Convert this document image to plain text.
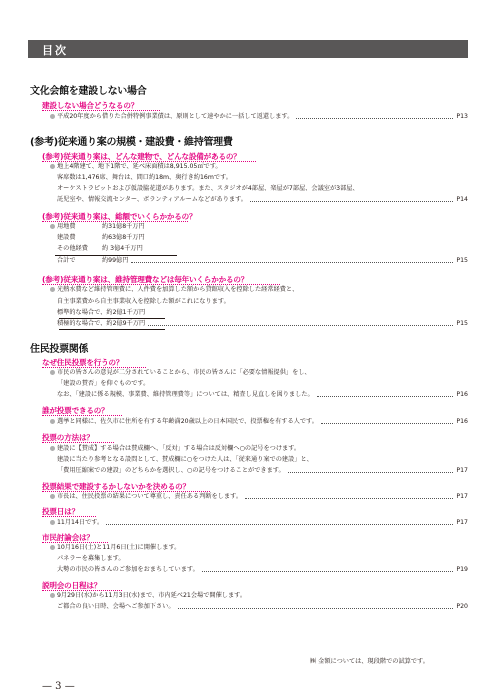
目次
文化会館を建設しない場合
建設しない場合どうなるの？
平成20年度から借りた合併特例事業債は、原則として速やかに一括して返還します。	P13
(参考)従来通り案の規模・建設費・維持管理費
(参考)従来通り案は、どんな建物で、どんな設備があるの？
地上4階建て、地下1階で、延べ床面積は8,915.05㎡です。
客席数は1,476席、舞台は、間口約18m、奥行き約16mです。
オーケストラピットおよび仮設脇花道があります。また、スタジオが4部屋、楽屋が7部屋、会議室が3部屋、
託児室や、情報交流センター、ボランティアルームなどがあります。	P14
(参考)従来通り案は、総額でいくらかかるの？
用地費	約31億8千万円
建設費	約63億8千万円
その他経費 約 3億4千万円
合計で	約99億円	P15
(参考)従来通り案は、維持管理費などは毎年いくらかかるの？
光熱水費など維持管理費に、人件費を加算した額から貸館収入を控除した経常経費と、
自主事業費から自主事業収入を控除した額がこれになります。
標準的な場合で、約2億1千万円
積極的な場合で、約2億9千万円	P15
住民投票関係
なぜ住民投票を行うの？
市民の皆さんの意見が二分されていることから、市民の皆さんに「必要な情報提供」をし、
「建設の賛否」を仰ぐものです。
なお、「建設に係る規模、事業費、維持管理費等」については、精査し見直しを図りました。	P16
誰が投票できるの？
選挙と同様に、佐久市に住所を有する年齢満20歳以上の日本国民で、投票権を有する人です。	P16
投票の方法は？
建設に【賛成】する場合は賛成欄へ、「反対」する場合は反対欄へ○の記号をつけます。
建設に当たり参考となる設問として、賛成欄に○をつけた人は、「従来通り案での建設」と、
「費用圧縮案での建設」のどちらかを選択し、○の記号をつけることができます。	P17
投票結果で建設するかしないかを決めるの？
市長は、住民投票の結果について尊重し、責任ある判断をします。	P17
投票日は？
11月14日です。	P17
市民討論会は？
10月16日(土)と11月6日(土)に開催します。
パネラーを募集します。
大勢の市民の皆さんのご参加をおまちしています。	P19
説明会の日程は？
9月29日(水)から11月3日(水)まで、市内延べ21会場で開催します。
ご都合の良い日時、会場へご参加下さい。	P20
㈱ 金額については、現段階での試算です。
— 3 —
